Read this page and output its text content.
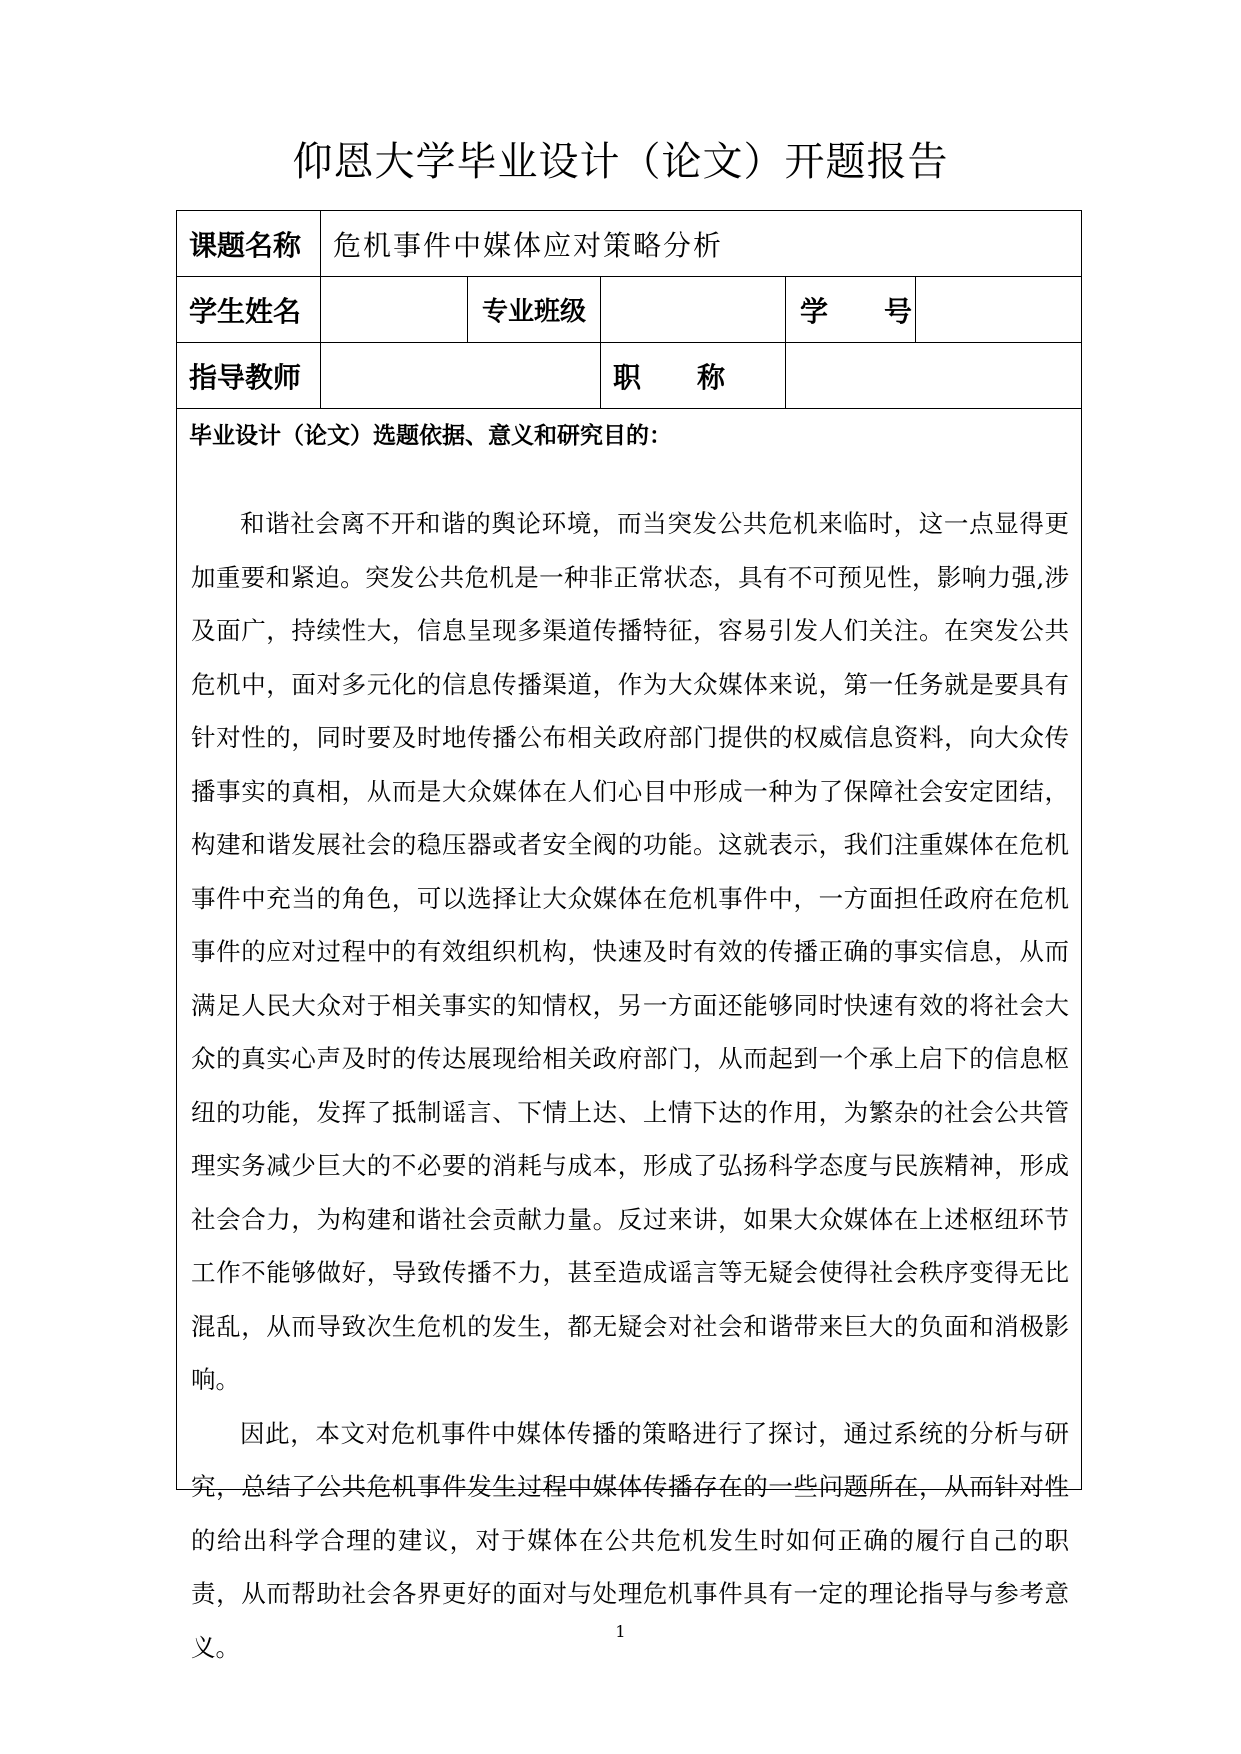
仰恩大学毕业设计（论文）开题报告
课题名称	危机事件中媒体应对策略分析
学生姓名	专业班级	学　　号
指导教师	职　　称
毕业设计（论文）选题依据、意义和研究目的：

和谐社会离不开和谐的舆论环境，而当突发公共危机来临时，这一点显得更加重要和紧迫。突发公共危机是一种非正常状态，具有不可预见性，影响力强,涉及面广，持续性大，信息呈现多渠道传播特征，容易引发人们关注。在突发公共危机中，面对多元化的信息传播渠道，作为大众媒体来说，第一任务就是要具有针对性的，同时要及时地传播公布相关政府部门提供的权威信息资料，向大众传播事实的真相，从而是大众媒体在人们心目中形成一种为了保障社会安定团结，构建和谐发展社会的稳压器或者安全阀的功能。这就表示，我们注重媒体在危机事件中充当的角色，可以选择让大众媒体在危机事件中，一方面担任政府在危机事件的应对过程中的有效组织机构，快速及时有效的传播正确的事实信息，从而满足人民大众对于相关事实的知情权，另一方面还能够同时快速有效的将社会大众的真实心声及时的传达展现给相关政府部门，从而起到一个承上启下的信息枢纽的功能，发挥了抵制谣言、下情上达、上情下达的作用，为繁杂的社会公共管理实务减少巨大的不必要的消耗与成本，形成了弘扬科学态度与民族精神，形成社会合力，为构建和谐社会贡献力量。反过来讲，如果大众媒体在上述枢纽环节工作不能够做好，导致传播不力，甚至造成谣言等无疑会使得社会秩序变得无比混乱，从而导致次生危机的发生，都无疑会对社会和谐带来巨大的负面和消极影响。

因此，本文对危机事件中媒体传播的策略进行了探讨，通过系统的分析与研究，总结了公共危机事件发生过程中媒体传播存在的一些问题所在，从而针对性的给出科学合理的建议，对于媒体在公共危机发生时如何正确的履行自己的职责，从而帮助社会各界更好的面对与处理危机事件具有一定的理论指导与参考意义。

1
